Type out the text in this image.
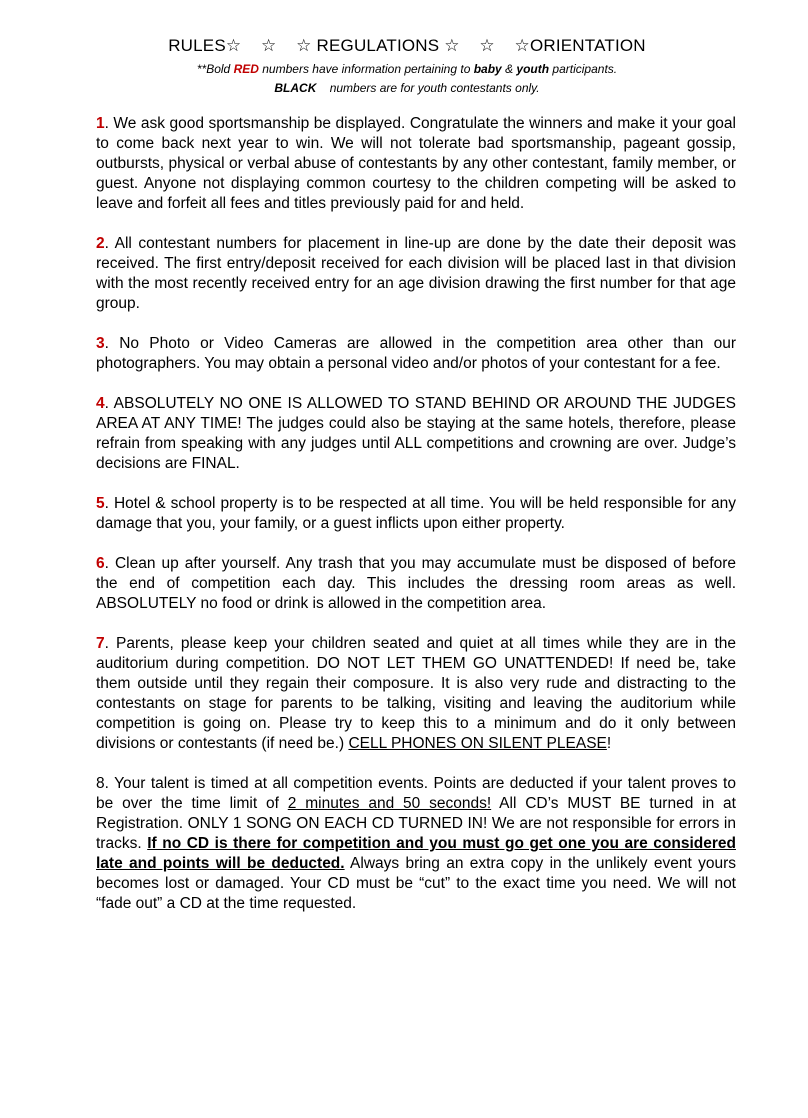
RULES☆    ☆    ☆ REGULATIONS ☆    ☆    ☆ORIENTATION
**Bold RED numbers have information pertaining to baby & youth participants.
BLACK    numbers are for youth contestants only.

1. We ask good sportsmanship be displayed. Congratulate the winners and make it your goal to come back next year to win. We will not tolerate bad sportsmanship, pageant gossip, outbursts, physical or verbal abuse of contestants by any other contestant, family member, or guest. Anyone not displaying common courtesy to the children competing will be asked to leave and forfeit all fees and titles previously paid for and held.

2. All contestant numbers for placement in line-up are done by the date their deposit was received. The first entry/deposit received for each division will be placed last in that division with the most recently received entry for an age division drawing the first number for that age group.

3. No Photo or Video Cameras are allowed in the competition area other than our photographers. You may obtain a personal video and/or photos of your contestant for a fee.

4. ABSOLUTELY NO ONE IS ALLOWED TO STAND BEHIND OR AROUND THE JUDGES AREA AT ANY TIME! The judges could also be staying at the same hotels, therefore, please refrain from speaking with any judges until ALL competitions and crowning are over. Judge’s decisions are FINAL.

5. Hotel & school property is to be respected at all time. You will be held responsible for any damage that you, your family, or a guest inflicts upon either property.

6. Clean up after yourself. Any trash that you may accumulate must be disposed of before the end of competition each day. This includes the dressing room areas as well. ABSOLUTELY no food or drink is allowed in the competition area.

7. Parents, please keep your children seated and quiet at all times while they are in the auditorium during competition. DO NOT LET THEM GO UNATTENDED! If need be, take them outside until they regain their composure. It is also very rude and distracting to the contestants on stage for parents to be talking, visiting and leaving the auditorium while competition is going on. Please try to keep this to a minimum and do it only between divisions or contestants (if need be.) CELL PHONES ON SILENT PLEASE!

8. Your talent is timed at all competition events. Points are deducted if your talent proves to be over the time limit of 2 minutes and 50 seconds! All CD’s MUST BE turned in at Registration. ONLY 1 SONG ON EACH CD TURNED IN! We are not responsible for errors in tracks. If no CD is there for competition and you must go get one you are considered late and points will be deducted. Always bring an extra copy in the unlikely event yours becomes lost or damaged. Your CD must be “cut” to the exact time you need. We will not “fade out” a CD at the time requested.
